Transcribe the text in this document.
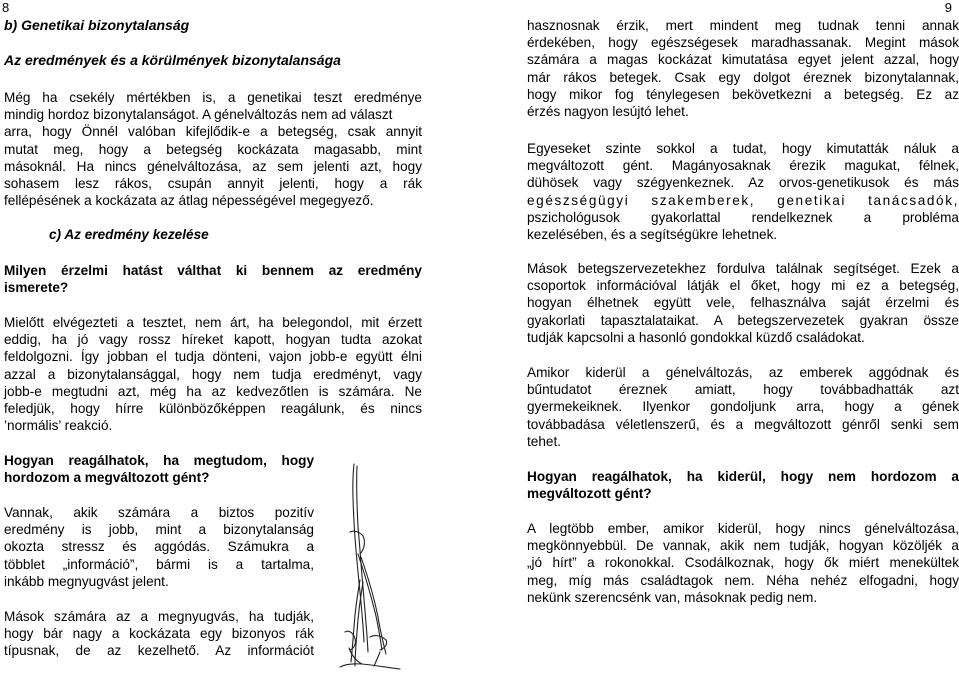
8	9
b) Genetikai bizonytalanság
Az eredmények és a körülmények bizonytalansága
Még ha csekély mértékben is, a genetikai teszt eredménye
mindig hordoz bizonytalanságot. A génelváltozás nem ad választ
arra, hogy Önnél valóban kifejlődik-e a betegség, csak annyit
mutat meg, hogy a betegség kockázata magasabb, mint
másoknál. Ha nincs génelváltozása, az sem jelenti azt, hogy
sohasem lesz rákos, csupán annyit jelenti, hogy a rák
fellépésének a kockázata az átlag népességével megegyező.
c) Az eredmény kezelése
Milyen érzelmi hatást válthat ki bennem az eredmény
ismerete?
Mielőtt elvégezteti a tesztet, nem árt, ha belegondol, mit érzett
eddig, ha jó vagy rossz híreket kapott, hogyan tudta azokat
feldolgozni. Így jobban el tudja dönteni, vajon jobb-e együtt élni
azzal a bizonytalansággal, hogy nem tudja eredményt, vagy
jobb-e megtudni azt, még ha az kedvezőtlen is számára. Ne
feledjük, hogy hírre különbözőképpen reagálunk, és nincs
’normális’ reakció.
Hogyan reagálhatok, ha megtudom, hogy
hordozom a megváltozott gént?
Vannak, akik számára a biztos pozitív
eredmény is jobb, mint a bizonytalanság
okozta stressz és aggódás. Számukra a
többlet „információ”, bármi is a tartalma,
inkább megnyugvást jelent.
Mások számára az a megnyugvás, ha tudják,
hogy bár nagy a kockázata egy bizonyos rák
típusnak, de az kezelhető. Az információt
hasznosnak érzik, mert mindent meg tudnak tenni annak
érdekében, hogy egészségesek maradhassanak. Megint mások
számára a magas kockázat kimutatása egyet jelent azzal, hogy
már rákos betegek. Csak egy dolgot éreznek bizonytalannak,
hogy mikor fog ténylegesen bekövetkezni a betegség. Ez az
érzés nagyon lesújtó lehet.
Egyeseket szinte sokkol a tudat, hogy kimutatták náluk a
megváltozott gént. Magányosaknak érezik magukat, félnek,
dühösek vagy szégyenkeznek. Az orvos-genetikusok és más
egészségügyi szakemberek, genetikai tanácsadók,
pszichológusok gyakorlattal rendelkeznek a probléma
kezelésében, és a segítségükre lehetnek.
Mások betegszervezetekhez fordulva találnak segítséget. Ezek a
csoportok információval látják el őket, hogy mi ez a betegség,
hogyan élhetnek együtt vele, felhasználva saját érzelmi és
gyakorlati tapasztalataikat. A betegszervezetek gyakran össze
tudják kapcsolni a hasonló gondokkal küzdő családokat.
Amikor kiderül a génelváltozás, az emberek aggódnak és
bűntudatot éreznek amiatt, hogy továbbadhatták azt
gyermekeiknek. Ilyenkor gondoljunk arra, hogy a gének
továbbadása véletlenszerű, és a megváltozott génről senki sem
tehet.
Hogyan reagálhatok, ha kiderül, hogy nem hordozom a
megváltozott gént?
A legtöbb ember, amikor kiderül, hogy nincs génelváltozása,
megkönnyebbül. De vannak, akik nem tudják, hogyan közöljék a
„jó hírt” a rokonokkal. Csodálkoznak, hogy ők miért menekültek
meg, míg más családtagok nem. Néha nehéz elfogadni, hogy
nekünk szerencsénk van, másoknak pedig nem.
